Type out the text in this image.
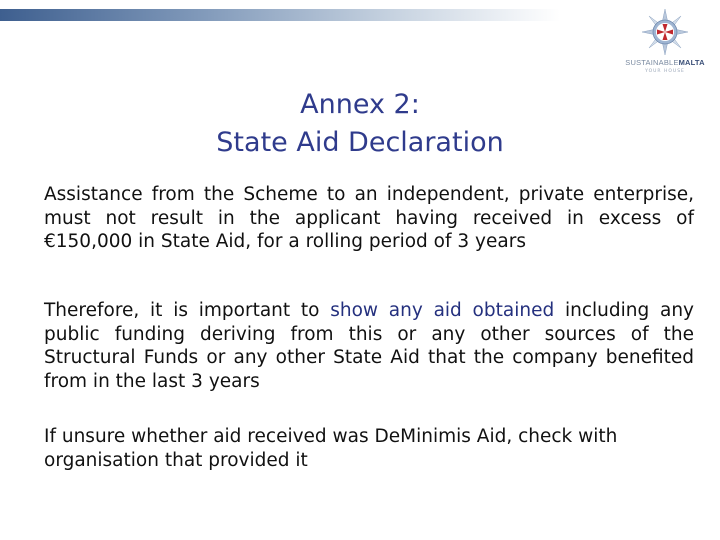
SUSTAINABLEMALTA
YOUR HOUSE
Annex 2:
State Aid Declaration
Assistance from the Scheme to an independent, private enterprise, must not result in the applicant having received in excess of €150,000 in State Aid, for a rolling period of 3 years
Therefore, it is important to show any aid obtained including any public funding deriving from this or any other sources of the Structural Funds or any other State Aid that the company benefited from in the last 3 years
If unsure whether aid received was DeMinimis Aid, check with organisation that provided it
